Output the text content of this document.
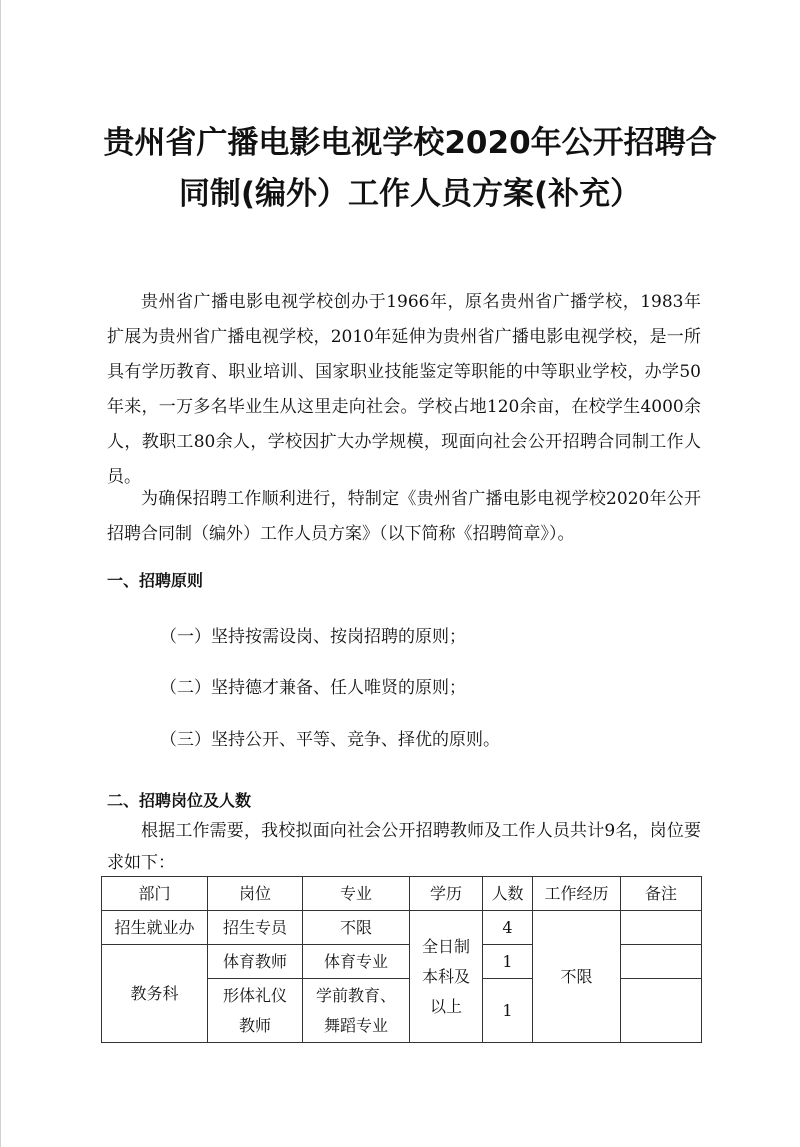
贵州省广播电影电视学校2020年公开招聘合同制(编外）工作人员方案(补充）
贵州省广播电影电视学校创办于1966年，原名贵州省广播学校，1983年扩展为贵州省广播电视学校，2010年延伸为贵州省广播电影电视学校，是一所具有学历教育、职业培训、国家职业技能鉴定等职能的中等职业学校，办学50年来，一万多名毕业生从这里走向社会。学校占地120余亩，在校学生4000余人，教职工80余人，学校因扩大办学规模，现面向社会公开招聘合同制工作人员。
为确保招聘工作顺利进行，特制定《贵州省广播电影电视学校2020年公开招聘合同制（编外）工作人员方案》（以下简称《招聘简章》）。
一、招聘原则
（一）坚持按需设岗、按岗招聘的原则；
（二）坚持德才兼备、任人唯贤的原则；
（三）坚持公开、平等、竞争、择优的原则。
二、招聘岗位及人数
根据工作需要，我校拟面向社会公开招聘教师及工作人员共计9名，岗位要求如下：
部门	岗位	专业	学历	人数	工作经历	备注
招生就业办	招生专员	不限	全日制本科及以上	4	不限	
教务科	体育教师	体育专业		1		
	形体礼仪教师	学前教育、舞蹈专业		1		
